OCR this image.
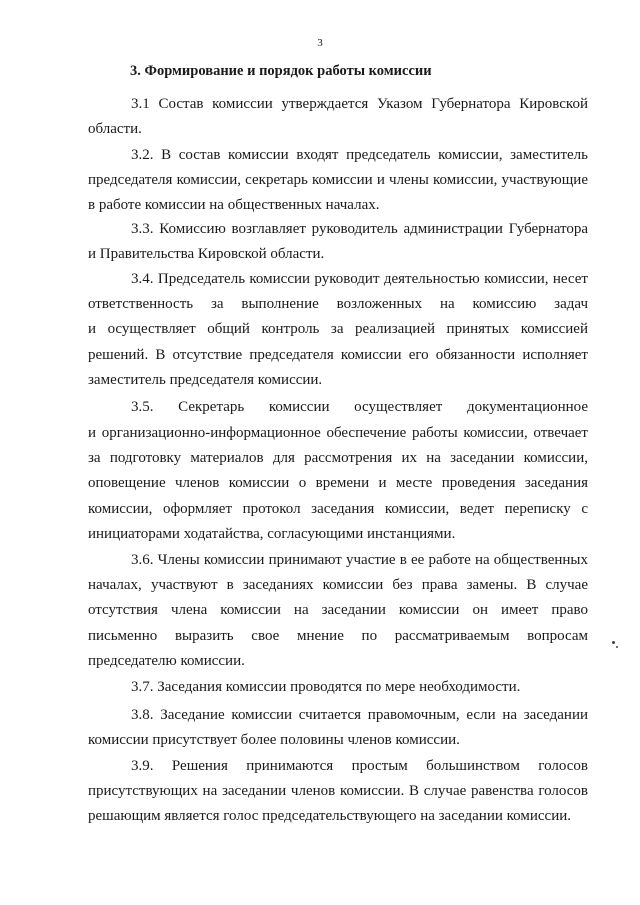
3
3. Формирование и порядок работы комиссии
3.1 Состав комиссии утверждается Указом Губернатора Кировской
области.
3.2. В состав комиссии входят председатель комиссии, заместитель
председателя комиссии, секретарь комиссии и члены комиссии, участвующие
в работе комиссии на общественных началах.
3.3. Комиссию возглавляет руководитель администрации Губернатора
и Правительства Кировской области.
3.4. Председатель комиссии руководит деятельностью комиссии, несет
ответственность за выполнение возложенных на комиссию задач
и осуществляет общий контроль за реализацией принятых комиссией
решений. В отсутствие председателя комиссии его обязанности исполняет
заместитель председателя комиссии.
3.5. Секретарь комиссии осуществляет документационное
и организационно-информационное обеспечение работы комиссии, отвечает
за подготовку материалов для рассмотрения их на заседании комиссии,
оповещение членов комиссии о времени и месте проведения заседания
комиссии, оформляет протокол заседания комиссии, ведет переписку с
инициаторами ходатайства, согласующими инстанциями.
3.6. Члены комиссии принимают участие в ее работе на общественных
началах, участвуют в заседаниях комиссии без права замены. В случае
отсутствия члена комиссии на заседании комиссии он имеет право
письменно выразить свое мнение по рассматриваемым вопросам
председателю комиссии.
3.7. Заседания комиссии проводятся по мере необходимости.
3.8. Заседание комиссии считается правомочным, если на заседании
комиссии присутствует более половины членов комиссии.
3.9. Решения принимаются простым большинством голосов
присутствующих на заседании членов комиссии. В случае равенства голосов
решающим является голос председательствующего на заседании комиссии.
